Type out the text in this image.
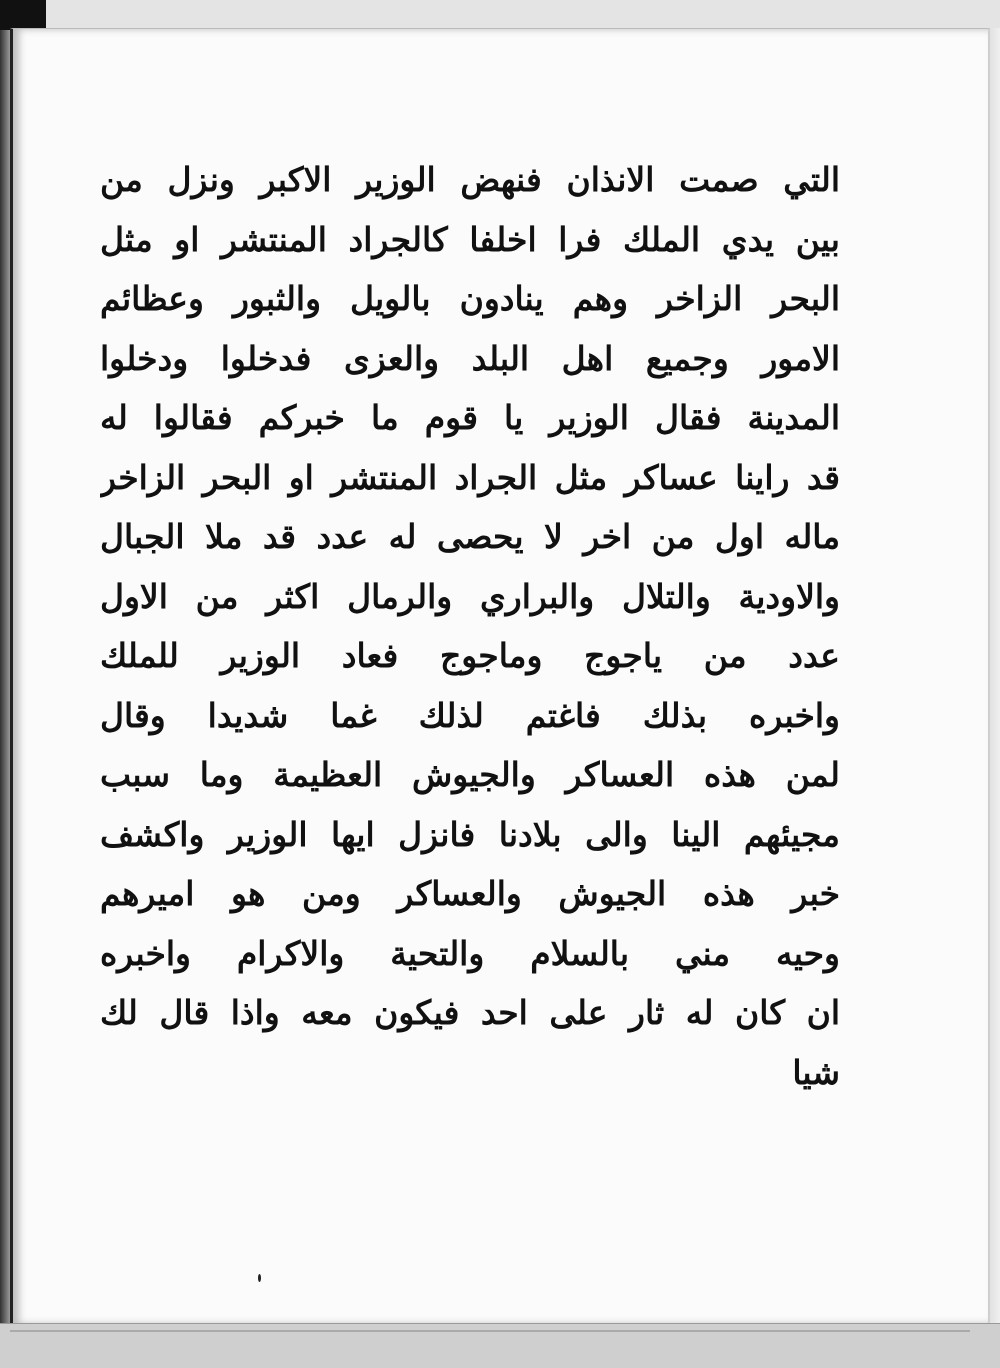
التي صمت الانذان فنهض الوزير الاكبر ونزل من
بين يدي الملك فرا اخلفا كالجراد المنتشر او مثل
البحر الزاخر وهم ينادون بالويل والثبور وعظائم
الامور وجميع اهل البلد والعزى فدخلوا ودخلوا
المدينة فقال الوزير يا قوم ما خبركم فقالوا له
قد راينا عساكر مثل الجراد المنتشر او البحر الزاخر
ماله اول من اخر لا يحصى له عدد قد ملا الجبال
والاودية والتلال والبراري والرمال اكثر من الاول
عدد من ياجوج وماجوج فعاد الوزير للملك
واخبره بذلك فاغتم لذلك غما شديدا وقال
لمن هذه العساكر والجيوش العظيمة وما سبب
مجيئهم الينا والى بلادنا فانزل ايها الوزير واكشف
خبر هذه الجيوش والعساكر ومن هو اميرهم
وحيه مني بالسلام والتحية والاكرام واخبره
ان كان له ثار على احد فيكون معه واذا قال لك
شيا
